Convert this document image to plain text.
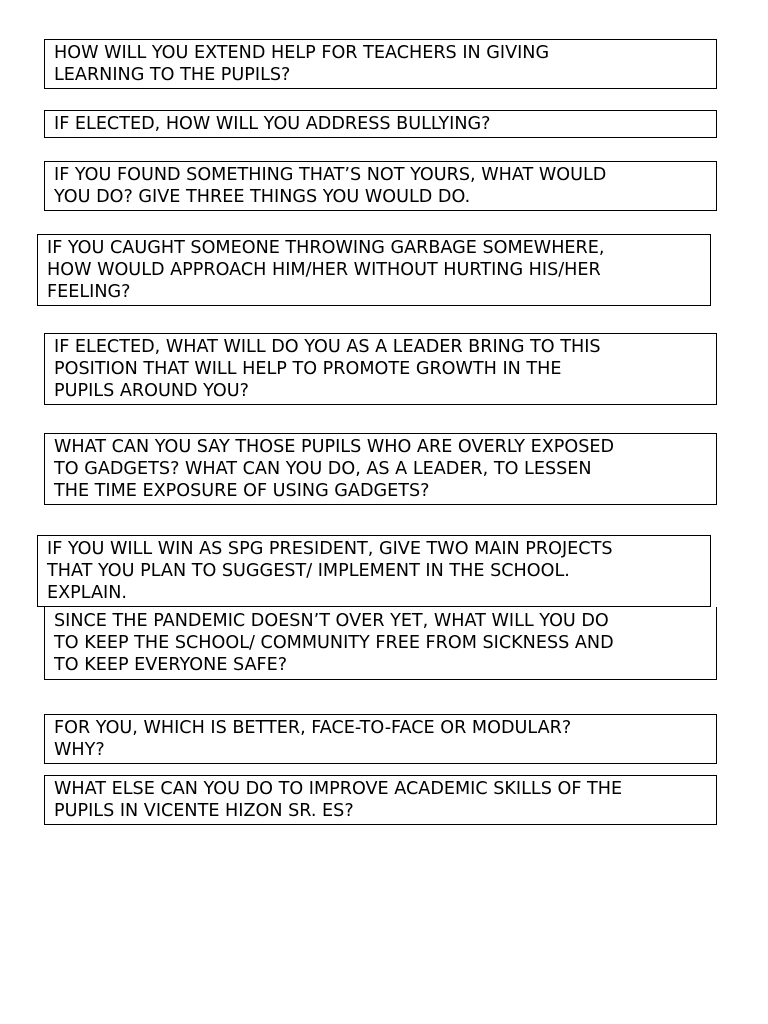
HOW WILL YOU EXTEND HELP FOR TEACHERS IN GIVING
LEARNING TO THE PUPILS?
IF ELECTED, HOW WILL YOU ADDRESS BULLYING?
IF YOU FOUND SOMETHING THAT’S NOT YOURS, WHAT WOULD
YOU DO? GIVE THREE THINGS YOU WOULD DO.
IF YOU CAUGHT SOMEONE THROWING GARBAGE SOMEWHERE,
HOW WOULD APPROACH HIM/HER WITHOUT HURTING HIS/HER
FEELING?
IF ELECTED, WHAT WILL DO YOU AS A LEADER BRING TO THIS
POSITION THAT WILL HELP TO PROMOTE GROWTH IN THE
PUPILS AROUND YOU?
WHAT CAN YOU SAY THOSE PUPILS WHO ARE OVERLY EXPOSED
TO GADGETS? WHAT CAN YOU DO, AS A LEADER, TO LESSEN
THE TIME EXPOSURE OF USING GADGETS?
IF YOU WILL WIN AS SPG PRESIDENT, GIVE TWO MAIN PROJECTS
THAT YOU PLAN TO SUGGEST/ IMPLEMENT IN THE SCHOOL.
EXPLAIN.
SINCE THE PANDEMIC DOESN’T OVER YET, WHAT WILL YOU DO
TO KEEP THE SCHOOL/ COMMUNITY FREE FROM SICKNESS AND
TO KEEP EVERYONE SAFE?
FOR YOU, WHICH IS BETTER, FACE-TO-FACE OR MODULAR?
WHY?
WHAT ELSE CAN YOU DO TO IMPROVE ACADEMIC SKILLS OF THE
PUPILS IN VICENTE HIZON SR. ES?
